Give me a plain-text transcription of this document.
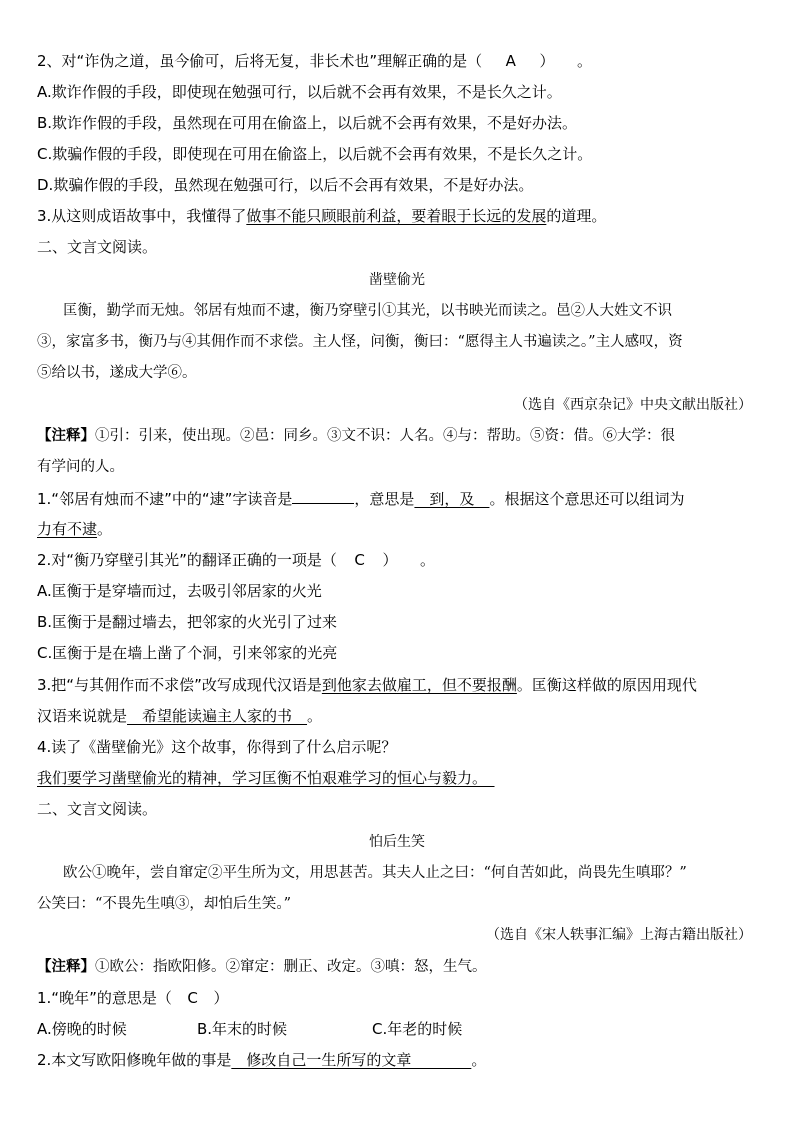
2、对“诈伪之道，虽今偷可，后将无复，非长术也”理解正确的是（ A ）　　。
A.欺诈作假的手段，即使现在勉强可行，以后就不会再有效果，不是长久之计。
B.欺诈作假的手段，虽然现在可用在偷盗上，以后就不会再有效果，不是好办法。
C.欺骗作假的手段，即使现在可用在偷盗上，以后就不会再有效果，不是长久之计。
D.欺骗作假的手段，虽然现在勉强可行，以后不会再有效果，不是好办法。
3.从这则成语故事中，我懂得了做事不能只顾眼前利益，要着眼于长远的发展的道理。
二、文言文阅读。
凿壁偷光
匡衡，勤学而无烛。邻居有烛而不逮，衡乃穿壁引①其光，以书映光而读之。邑②人大姓文不识
③，家富多书，衡乃与④其佣作而不求偿。主人怪，问衡，衡曰：“愿得主人书遍读之。”主人感叹，资
⑤给以书，遂成大学⑥。
（选自《西京杂记》中央文献出版社）
【注释】①引：引来，使出现。②邑：同乡。③文不识：人名。④与：帮助。⑤资：借。⑥大学：很
有学问的人。
1.“邻居有烛而不逮”中的“逮”字读音是	，意思是　到，及　。根据这个意思还可以组词为
力有不逮。
2.对“衡乃穿壁引其光”的翻译正确的一项是（ C ）　　。
A.匡衡于是穿墙而过，去吸引邻居家的火光
B.匡衡于是翻过墙去，把邻家的火光引了过来
C.匡衡于是在墙上凿了个洞，引来邻家的光亮
3.把“与其佣作而不求偿”改写成现代汉语是到他家去做雇工，但不要报酬。匡衡这样做的原因用现代
汉语来说就是　希望能读遍主人家的书　。
4.读了《凿壁偷光》这个故事，你得到了什么启示呢？
我们要学习凿壁偷光的精神，学习匡衡不怕艰难学习的恒心与毅力。　
二、文言文阅读。
怕后生笑
欧公①晚年，尝自窜定②平生所为文，用思甚苦。其夫人止之曰：“何自苦如此，尚畏先生嗔耶？”
公笑曰：“不畏先生嗔③，却怕后生笑。”
（选自《宋人轶事汇编》上海古籍出版社）
【注释】①欧公：指欧阳修。②窜定：删正、改定。③嗔：怒，生气。
1.“晚年”的意思是（ C ）
A.傍晚的时候	B.年末的时候	C.年老的时候
2.本文写欧阳修晚年做的事是　修改自己一生所写的文章　　　　。
